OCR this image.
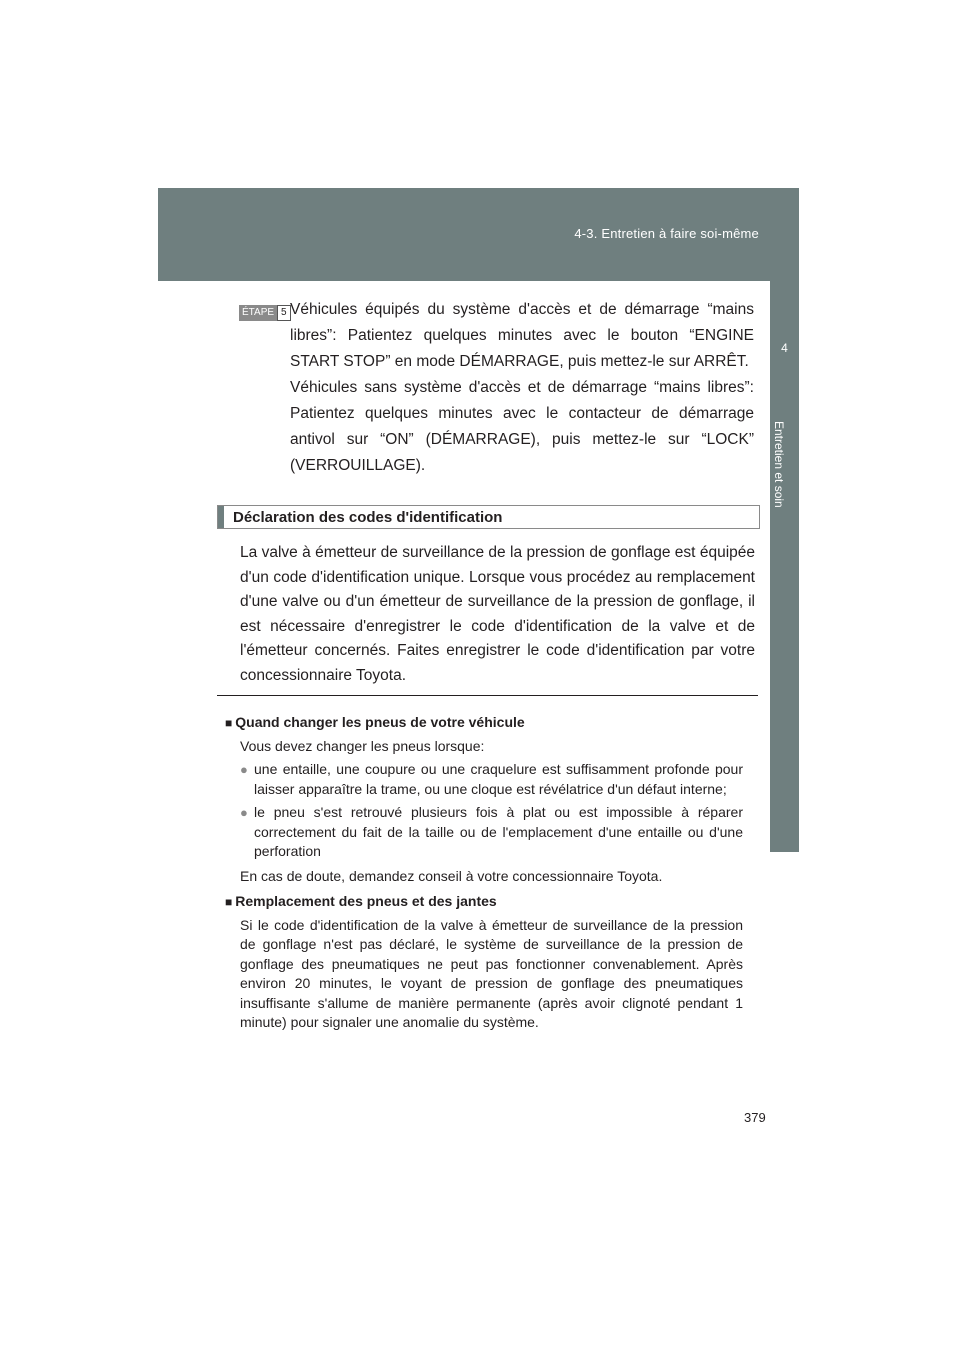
4-3. Entretien à faire soi-même
4
Entretien et soin
ÉTAPE 5 Véhicules équipés du système d'accès et de démarrage “mains libres”: Patientez quelques minutes avec le bouton “ENGINE START STOP” en mode DÉMARRAGE, puis mettez-le sur ARRÊT.

Véhicules sans système d'accès et de démarrage “mains libres”: Patientez quelques minutes avec le contacteur de démarrage antivol sur “ON” (DÉMARRAGE), puis mettez-le sur “LOCK” (VERROUILLAGE).

Déclaration des codes d'identification
La valve à émetteur de surveillance de la pression de gonflage est équipée d'un code d'identification unique. Lorsque vous procédez au remplacement d'une valve ou d'un émetteur de surveillance de la pression de gonflage, il est nécessaire d'enregistrer le code d'identification de la valve et de l'émetteur concernés. Faites enregistrer le code d'identification par votre concessionnaire Toyota.

■ Quand changer les pneus de votre véhicule

Vous devez changer les pneus lorsque:

● une entaille, une coupure ou une craquelure est suffisamment profonde pour laisser apparaître la trame, ou une cloque est révélatrice d'un défaut interne;
● le pneu s'est retrouvé plusieurs fois à plat ou est impossible à réparer correctement du fait de la taille ou de l'emplacement d'une entaille ou d'une perforation

En cas de doute, demandez conseil à votre concessionnaire Toyota.

■ Remplacement des pneus et des jantes

Si le code d'identification de la valve à émetteur de surveillance de la pression de gonflage n'est pas déclaré, le système de surveillance de la pression de gonflage des pneumatiques ne peut pas fonctionner convenablement. Après environ 20 minutes, le voyant de pression de gonflage des pneumatiques insuffisante s'allume de manière permanente (après avoir clignoté pendant 1 minute) pour signaler une anomalie du système.

379
